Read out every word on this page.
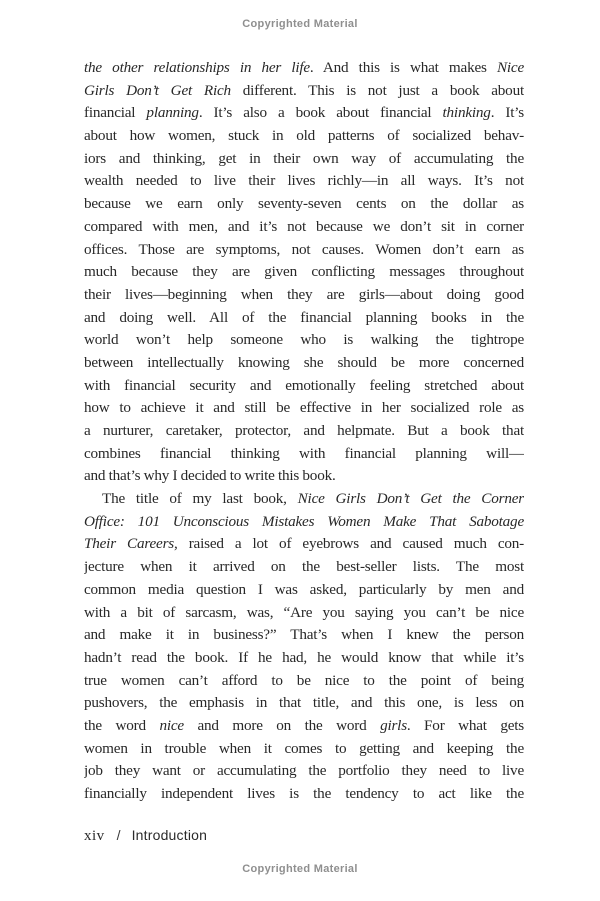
Copyrighted Material
the other relationships in her life. And this is what makes Nice
Girls Don’t Get Rich different. This is not just a book about
financial planning. It’s also a book about financial thinking. It’s
about how women, stuck in old patterns of socialized behav-
iors and thinking, get in their own way of accumulating the
wealth needed to live their lives richly—in all ways. It’s not
because we earn only seventy-seven cents on the dollar as
compared with men, and it’s not because we don’t sit in corner
offices. Those are symptoms, not causes. Women don’t earn as
much because they are given conflicting messages throughout
their lives—beginning when they are girls—about doing good
and doing well. All of the financial planning books in the
world won’t help someone who is walking the tightrope
between intellectually knowing she should be more concerned
with financial security and emotionally feeling stretched about
how to achieve it and still be effective in her socialized role as
a nurturer, caretaker, protector, and helpmate. But a book that
combines financial thinking with financial planning will—
and that’s why I decided to write this book.
The title of my last book, Nice Girls Don’t Get the Corner
Office: 101 Unconscious Mistakes Women Make That Sabotage
Their Careers, raised a lot of eyebrows and caused much con-
jecture when it arrived on the best-seller lists. The most
common media question I was asked, particularly by men and
with a bit of sarcasm, was, “Are you saying you can’t be nice
and make it in business?” That’s when I knew the person
hadn’t read the book. If he had, he would know that while it’s
true women can’t afford to be nice to the point of being
pushovers, the emphasis in that title, and this one, is less on
the word nice and more on the word girls. For what gets
women in trouble when it comes to getting and keeping the
job they want or accumulating the portfolio they need to live
financially independent lives is the tendency to act like the
xiv / Introduction
Copyrighted Material
